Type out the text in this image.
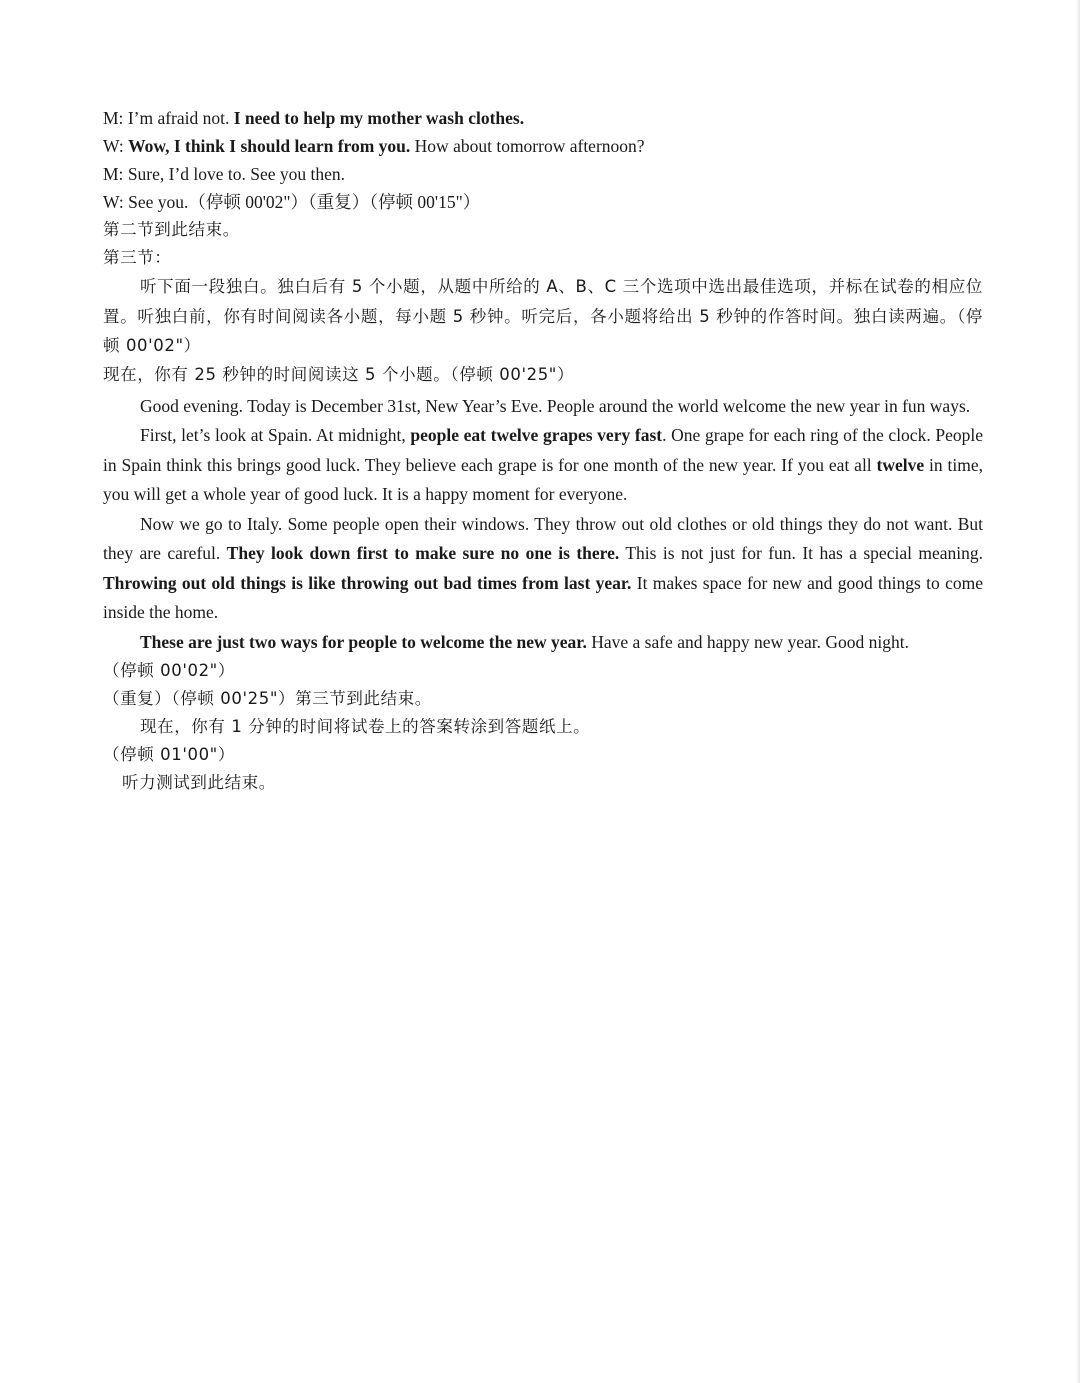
M: I’m afraid not. I need to help my mother wash clothes.

W: Wow, I think I should learn from you. How about tomorrow afternoon?

M: Sure, I’d love to. See you then.

W: See you.（停顿 00'02"）（重复）（停顿 00'15"）

第二节到此结束。

第三节：

听下面一段独白。独白后有 5 个小题，从题中所给的 A、B、C 三个选项中选出最佳选项，并标在试卷的相应位置。听独白前，你有时间阅读各小题，每小题 5 秒钟。听完后，各小题将给出 5 秒钟的作答时间。独白读两遍。（停顿 00'02"）

现在，你有 25 秒钟的时间阅读这 5 个小题。（停顿 00'25"）

Good evening. Today is December 31st, New Year’s Eve. People around the world welcome the new year in fun ways.

First, let’s look at Spain. At midnight, people eat twelve grapes very fast. One grape for each ring of the clock. People in Spain think this brings good luck. They believe each grape is for one month of the new year. If you eat all twelve in time, you will get a whole year of good luck. It is a happy moment for everyone.

Now we go to Italy. Some people open their windows. They throw out old clothes or old things they do not want. But they are careful. They look down first to make sure no one is there. This is not just for fun. It has a special meaning. Throwing out old things is like throwing out bad times from last year. It makes space for new and good things to come inside the home.

These are just two ways for people to welcome the new year. Have a safe and happy new year. Good night.

（停顿 00'02"）

（重复）（停顿 00'25"）第三节到此结束。

现在，你有 1 分钟的时间将试卷上的答案转涂到答题纸上。

（停顿 01'00"）

听力测试到此结束。
